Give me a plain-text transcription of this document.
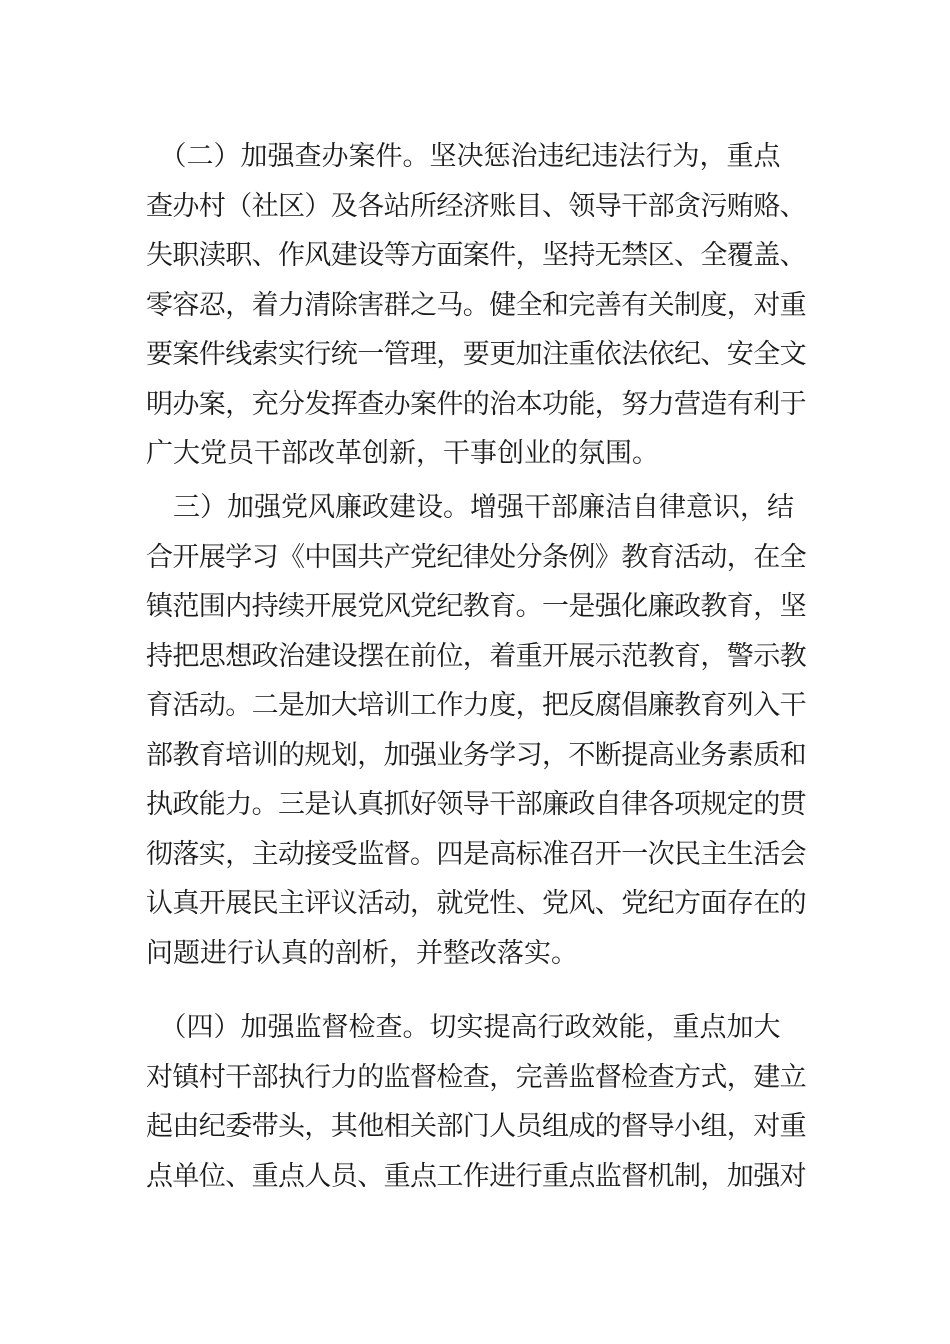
　（二）加强查办案件。坚决惩治违纪违法行为，重点
查办村（社区）及各站所经济账目、领导干部贪污贿赂、
失职渎职、作风建设等方面案件，坚持无禁区、全覆盖、
零容忍，着力清除害群之马。健全和完善有关制度，对重
要案件线索实行统一管理，要更加注重依法依纪、安全文
明办案，充分发挥查办案件的治本功能，努力营造有利于
广大党员干部改革创新，干事创业的氛围。
　三）加强党风廉政建设。增强干部廉洁自律意识，结
合开展学习《中国共产党纪律处分条例》教育活动，在全
镇范围内持续开展党风党纪教育。一是强化廉政教育，坚
持把思想政治建设摆在前位，着重开展示范教育，警示教
育活动。二是加大培训工作力度，把反腐倡廉教育列入干
部教育培训的规划，加强业务学习，不断提高业务素质和
执政能力。三是认真抓好领导干部廉政自律各项规定的贯
彻落实，主动接受监督。四是高标准召开一次民主生活会
认真开展民主评议活动，就党性、党风、党纪方面存在的
问题进行认真的剖析，并整改落实。
　（四）加强监督检查。切实提高行政效能，重点加大
对镇村干部执行力的监督检查，完善监督检查方式，建立
起由纪委带头，其他相关部门人员组成的督导小组，对重
点单位、重点人员、重点工作进行重点监督机制，加强对
